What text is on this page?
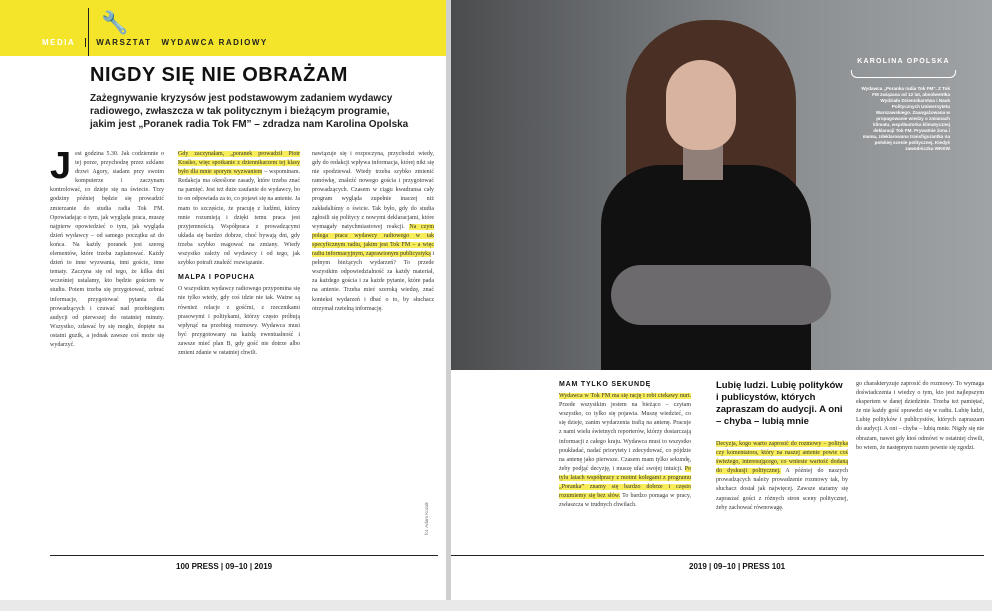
🔧
MEDIA	WARSZTAT WYDAWCA RADIOWY
NIGDY SIĘ NIE OBRAŻAM

Zażegnywanie kryzysów jest podstawowym zadaniem wydawcy radiowego, zwłaszcza w tak politycznym i bieżącym programie, jakim jest „Poranek radia Tok FM” – zdradza nam Karolina Opolska

J est godzina 5.30. Jak codziennie o tej porze, przychodzę przez szklane drzwi Agory, siadam przy swoim komputerze i zaczynam kontrolować, co dzieje się na świecie. Trzy godziny później będzie się prowadzić zmierzanie do studia radia Tok FM. Opowiadając o tym, jak wygląda praca, muszę najpierw opowiedzieć o tym, jak wygląda dzień wydawcy – od samego początku aż do końca. Na każdy poranek jest szereg elementów, które trzeba zaplanować. Każdy dzień to inne wyzwania, inni goście, inne tematy. Zaczyna się od tego, że kilka dni wcześniej ustalamy, kto będzie gościem w studiu. Potem trzeba się przygotować, zebrać informacje, przygotować pytania dla prowadzących i czuwać nad przebiegiem audycji od pierwszej do ostatniej minuty. Wszystko, zdawać by się mogło, dopięte na ostatni guzik, a jednak zawsze coś może się wydarzyć.
Gdy zaczynałam, „poranek prowadził Piotr Kraśko, więc spotkanie z dziennikarzem tej klasy było dla mnie sporym wyzwaniem – wspominam. Redakcja ma określone zasady, które trzeba znać na pamięć. Jest też duże zaufanie do wydawcy, bo to on odpowiada za to, co pojawi się na antenie. Ja mam to szczęście, że pracuję z ludźmi, którzy mnie rozumieją i dzięki temu praca jest przyjemnością. Współpraca z prowadzącymi układa się bardzo dobrze, choć bywają dni, gdy trzeba szybko reagować na zmiany. Wtedy wszystko zależy od wydawcy i od tego, jak szybko potrafi znaleźć rozwiązanie.
MALPA I POPUCHA
O wszystkim wydawcy radiowego przypomina się nie tylko wtedy, gdy coś idzie nie tak. Ważne są również relacje z gośćmi, z rzecznikami prasowymi i politykami, którzy często próbują wpłynąć na przebieg rozmowy. Wydawca musi być przygotowany na każdą ewentualność i zawsze mieć plan B, gdy gość nie dotrze albo zmieni zdanie w ostatniej chwili.
nawiązuje się i rozpoczyna, przychodzi wtedy, gdy do redakcji wpływa informacja, której nikt się nie spodziewał. Wtedy trzeba szybko zmienić ramówkę, znaleźć nowego gościa i przygotować prowadzących. Czasem w ciągu kwadransa cały program wygląda zupełnie inaczej niż zakładaliśmy o świcie. Tak było, gdy do studia zgłosili się politycy z nowymi deklaracjami, które wymagały natychmiastowej reakcji. Na czym polega praca wydawcy radiowego w tak specyficznym radiu, jakim jest Tok FM – a więc radiu informacyjnym, zaprawionym publicystyką i pełnym bieżących wydarzeń? To przede wszystkim odpowiedzialność za każdy materiał, za każdego gościa i za każde pytanie, które pada na antenie. Trzeba mieć szeroką wiedzę, znać kontekst wydarzeń i dbać o to, by słuchacz otrzymał rzetelną informację.
fot. Adam Kozak
100 PRESS | 09–10 | 2019
KAROLINA OPOLSKA
Wydawca „Poranka radia Tok FM”. Z Tok FM związana od 12 lat, absolwentka Wydziału Dziennikarstwa i Nauk Politycznych Uniwersytetu Warszawskiego. Zaangażowana w propagowanie wiedzy o zmianach klimatu, współautorka klimatycznej deklaracji Tok FM. Prywatnie żona i mama, zdeklarowana transfigurantka na polskiej scenie politycznej. Kiedyś zawodniczka WKKW
MAM TYLKO SEKUNDĘ
Wydawca w Tok FM ma się rację i robi ciekawy nurt. Przede wszystkim jestem na bieżąco – czytam wszystko, co tylko się pojawia. Muszę wiedzieć, co się dzieje, zanim wydarzenia trafią na antenę. Pracuje z nami wielu świetnych reporterów, którzy dostarczają informacji z całego kraju. Wydawca musi to wszystko poukładać, nadać priorytety i zdecydować, co pójdzie na antenę jako pierwsze. Czasem mam tylko sekundę, żeby podjąć decyzję, i muszę ufać swojej intuicji. Po tylu latach współpracy z moimi kolegami z programu „Poranka” znamy się bardzo dobrze i często rozumiemy się bez słów. To bardzo pomaga w pracy, zwłaszcza w trudnych chwilach.
Lubię ludzi. Lubię polityków i publicystów, których zapraszam do audycji. A oni – chyba – lubią mnie
Decyzja, kogo warto zaprosić do rozmowy – polityka czy komentatora, który na naszej antenie powie coś świeżego, interesującego, co wniesie wartość dodaną do dyskusji politycznej. A później do naszych prowadzących należy prowadzenie rozmowy tak, by słuchacz dostał jak najwięcej. Zawsze staramy się zapraszać gości z różnych stron sceny politycznej, żeby zachować równowagę.
go charakteryzuje zaprosić do rozmowy. To wymaga doświadczenia i wiedzy o tym, kto jest najlepszym ekspertem w danej dziedzinie. Trzeba też pamiętać, że nie każdy gość sprawdzi się w radiu. Lubię ludzi, Lubię polityków i publicystów, których zapraszam do audycji. A oni – chyba – lubią mnie. Nigdy się nie obrażam, nawet gdy ktoś odmówi w ostatniej chwili, bo wiem, że następnym razem pewnie się zgodzi.
2019 | 09–10 | PRESS 101
